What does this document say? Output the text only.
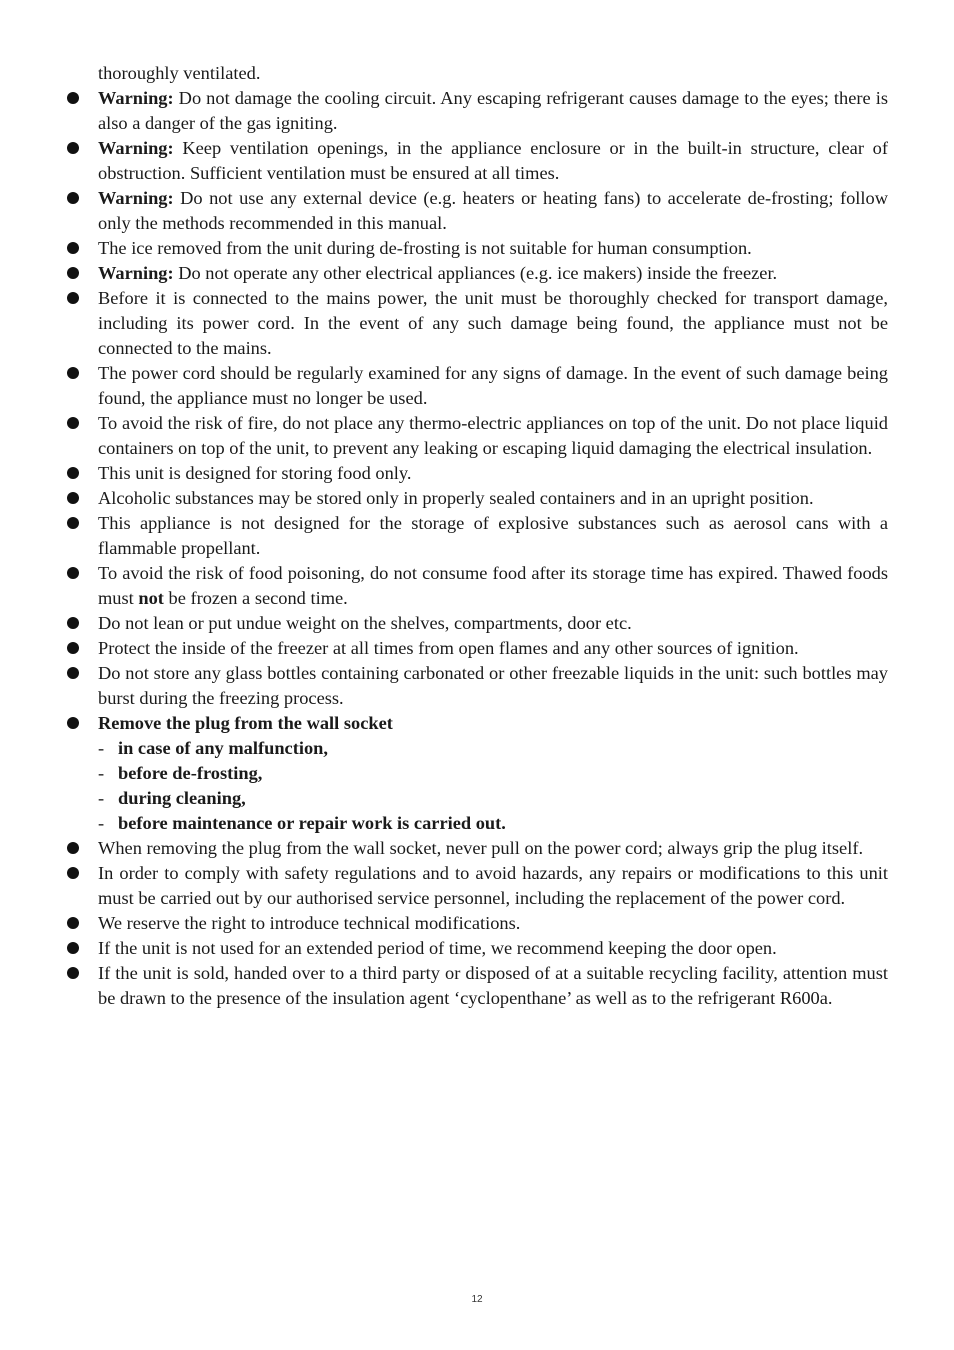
thoroughly ventilated.
Warning: Do not damage the cooling circuit. Any escaping refrigerant causes damage to the eyes; there is also a danger of the gas igniting.
Warning: Keep ventilation openings, in the appliance enclosure or in the built-in structure, clear of obstruction. Sufficient ventilation must be ensured at all times.
Warning: Do not use any external device (e.g. heaters or heating fans) to accelerate de-frosting; follow only the methods recommended in this manual.
The ice removed from the unit during de-frosting is not suitable for human consumption.
Warning: Do not operate any other electrical appliances (e.g. ice makers) inside the freezer.
Before it is connected to the mains power, the unit must be thoroughly checked for transport damage, including its power cord. In the event of any such damage being found, the appliance must not be connected to the mains.
The power cord should be regularly examined for any signs of damage. In the event of such damage being found, the appliance must no longer be used.
To avoid the risk of fire, do not place any thermo-electric appliances on top of the unit. Do not place liquid containers on top of the unit, to prevent any leaking or escaping liquid damaging the electrical insulation.
This unit is designed for storing food only.
Alcoholic substances may be stored only in properly sealed containers and in an upright position.
This appliance is not designed for the storage of explosive substances such as aerosol cans with a flammable propellant.
To avoid the risk of food poisoning, do not consume food after its storage time has expired. Thawed foods must not be frozen a second time.
Do not lean or put undue weight on the shelves, compartments, door etc.
Protect the inside of the freezer at all times from open flames and any other sources of ignition.
Do not store any glass bottles containing carbonated or other freezable liquids in the unit: such bottles may burst during the freezing process.
Remove the plug from the wall socket
- in case of any malfunction,
- before de-frosting,
- during cleaning,
- before maintenance or repair work is carried out.
When removing the plug from the wall socket, never pull on the power cord; always grip the plug itself.
In order to comply with safety regulations and to avoid hazards, any repairs or modifications to this unit must be carried out by our authorised service personnel, including the replacement of the power cord.
We reserve the right to introduce technical modifications.
If the unit is not used for an extended period of time, we recommend keeping the door open.
If the unit is sold, handed over to a third party or disposed of at a suitable recycling facility, attention must be drawn to the presence of the insulation agent ‘cyclopenthane’ as well as to the refrigerant R600a.
12
